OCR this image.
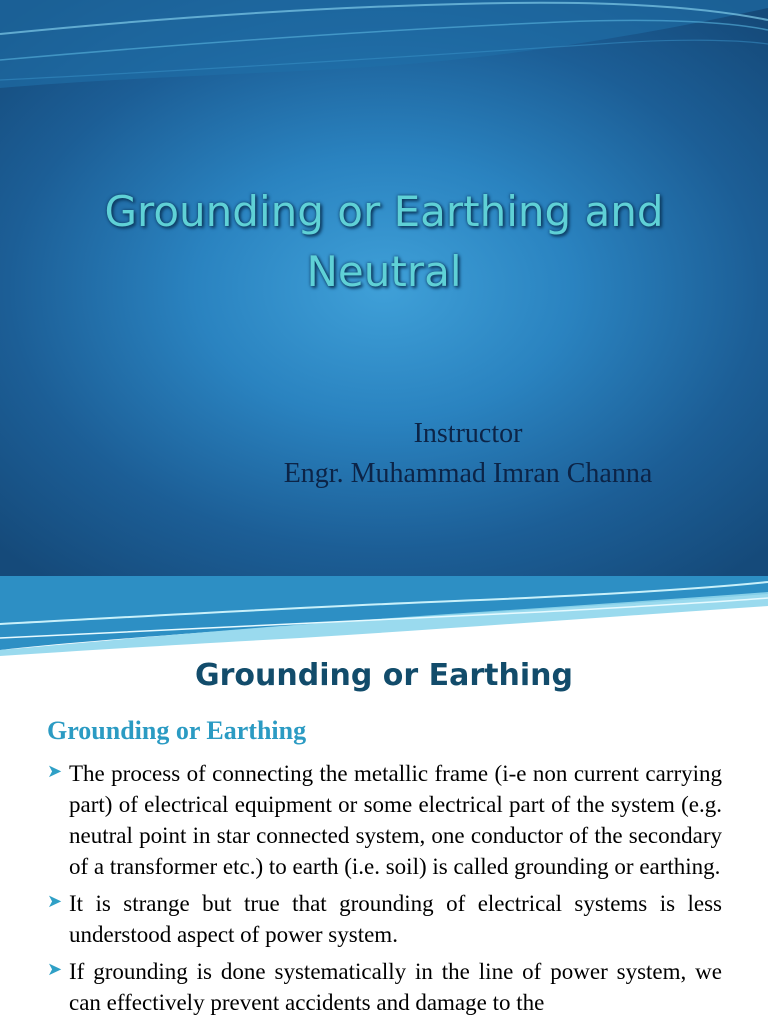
Grounding or Earthing and Neutral
Instructor
Engr. Muhammad Imran Channa
Grounding or Earthing
Grounding or Earthing
➤ The process of connecting the metallic frame (i-e non current carrying part) of electrical equipment or some electrical part of the system (e.g. neutral point in star connected system, one conductor of the secondary of a transformer etc.) to earth (i.e. soil) is called grounding or earthing.
➤ It is strange but true that grounding of electrical systems is less understood aspect of power system.
➤ If grounding is done systematically in the line of power system, we can effectively prevent accidents and damage to the
